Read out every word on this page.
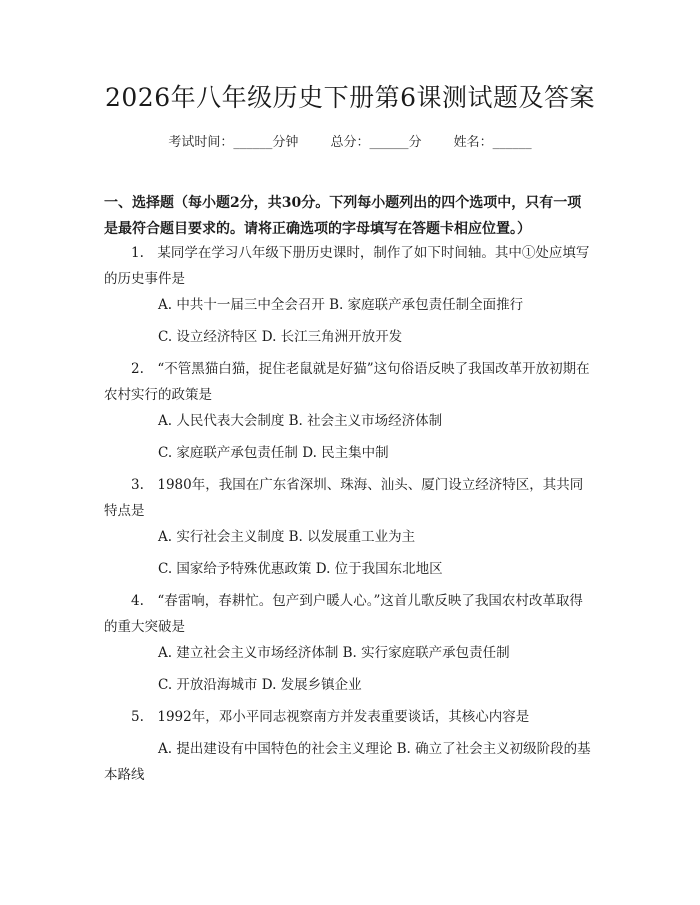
2026年八年级历史下册第6课测试题及答案
考试时间：______分钟 总分：______分 姓名：______

一、选择题（每小题2分，共30分。下列每小题列出的四个选项中，只有一项是最符合题目要求的。请将正确选项的字母填写在答题卡相应位置。）

1.　某同学在学习八年级下册历史课时，制作了如下时间轴。其中①处应填写的历史事件是

A. 中共十一届三中全会召开 B. 家庭联产承包责任制全面推行

C. 设立经济特区 D. 长江三角洲开放开发

2.　“不管黑猫白猫，捉住老鼠就是好猫”这句俗语反映了我国改革开放初期在农村实行的政策是

A. 人民代表大会制度 B. 社会主义市场经济体制

C. 家庭联产承包责任制 D. 民主集中制

3.　1980年，我国在广东省深圳、珠海、汕头、厦门设立经济特区，其共同特点是

A. 实行社会主义制度 B. 以发展重工业为主

C. 国家给予特殊优惠政策 D. 位于我国东北地区

4.　“春雷响，春耕忙。包产到户暖人心。”这首儿歌反映了我国农村改革取得的重大突破是

A. 建立社会主义市场经济体制 B. 实行家庭联产承包责任制

C. 开放沿海城市 D. 发展乡镇企业

5.　1992年，邓小平同志视察南方并发表重要谈话，其核心内容是

A. 提出建设有中国特色的社会主义理论 B. 确立了社会主义初级阶段的基本路线
